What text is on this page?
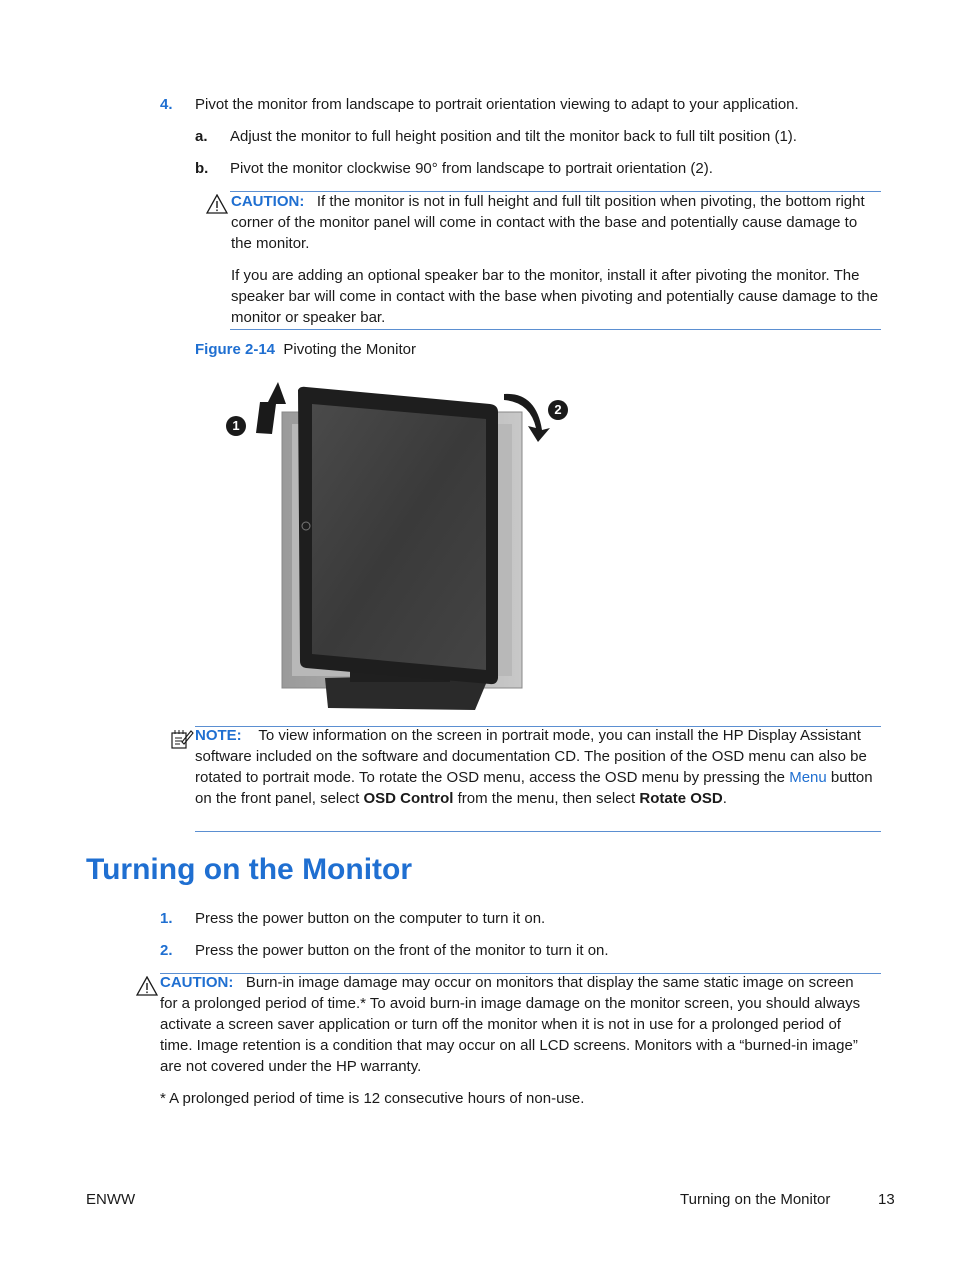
4. Pivot the monitor from landscape to portrait orientation viewing to adapt to your application.
a. Adjust the monitor to full height position and tilt the monitor back to full tilt position (1).
b. Pivot the monitor clockwise 90° from landscape to portrait orientation (2).
CAUTION: If the monitor is not in full height and full tilt position when pivoting, the bottom right corner of the monitor panel will come in contact with the base and potentially cause damage to the monitor.
If you are adding an optional speaker bar to the monitor, install it after pivoting the monitor. The speaker bar will come in contact with the base when pivoting and potentially cause damage to the monitor or speaker bar.
Figure 2-14 Pivoting the Monitor
1
2
NOTE: To view information on the screen in portrait mode, you can install the HP Display Assistant software included on the software and documentation CD. The position of the OSD menu can also be rotated to portrait mode. To rotate the OSD menu, access the OSD menu by pressing the Menu button on the front panel, select OSD Control from the menu, then select Rotate OSD.
Turning on the Monitor
1. Press the power button on the computer to turn it on.
2. Press the power button on the front of the monitor to turn it on.
CAUTION: Burn-in image damage may occur on monitors that display the same static image on screen for a prolonged period of time.* To avoid burn-in image damage on the monitor screen, you should always activate a screen saver application or turn off the monitor when it is not in use for a prolonged period of time. Image retention is a condition that may occur on all LCD screens. Monitors with a “burned-in image” are not covered under the HP warranty.
* A prolonged period of time is 12 consecutive hours of non-use.
ENWW	Turning on the Monitor	13
